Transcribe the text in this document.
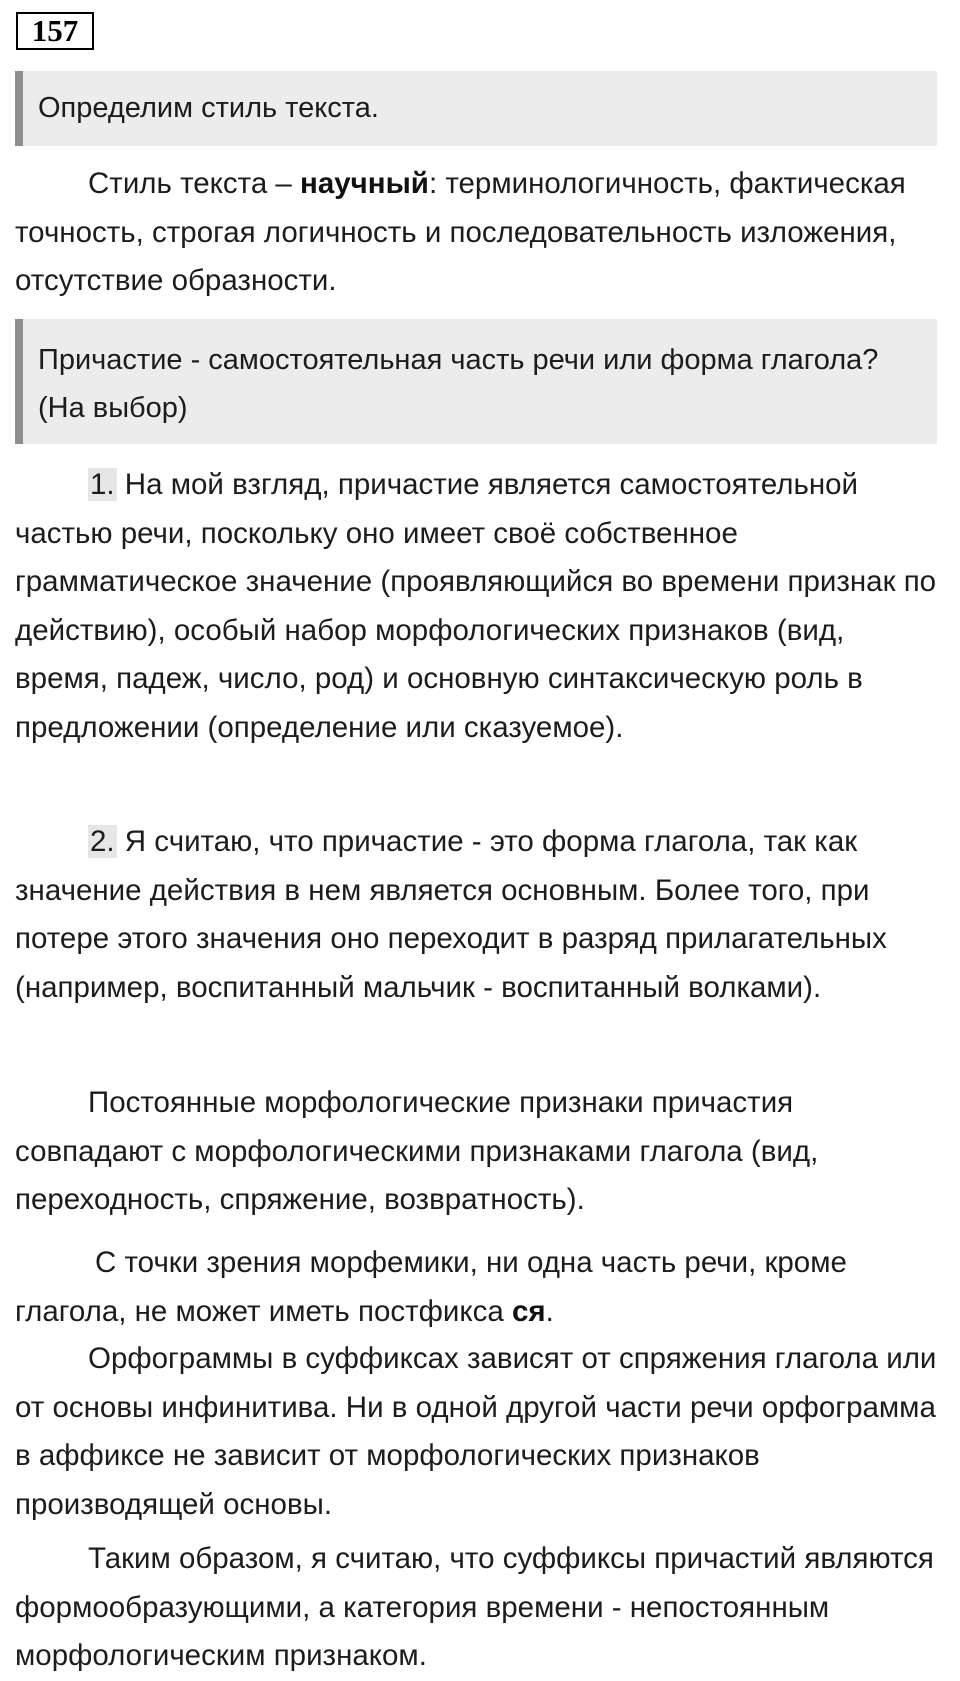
157
Определим стиль текста.

Стиль текста – научный: терминологичность, фактическая точность, строгая логичность и последовательность изложения, отсутствие образности.

Причастие - самостоятельная часть речи или форма глагола? (На выбор)

1. На мой взгляд, причастие является самостоятельной частью речи, поскольку оно имеет своё собственное грамматическое значение (проявляющийся во времени признак по действию), особый набор морфологических признаков (вид, время, падеж, число, род) и основную синтаксическую роль в предложении (определение или сказуемое).

2. Я считаю, что причастие - это форма глагола, так как значение действия в нем является основным. Более того, при потере этого значения оно переходит в разряд прилагательных (например, воспитанный мальчик - воспитанный волками).

Постоянные морфологические признаки причастия совпадают с морфологическими признаками глагола (вид, переходность, спряжение, возвратность).

С точки зрения морфемики, ни одна часть речи, кроме глагола, не может иметь постфикса ся.

Орфограммы в суффиксах зависят от спряжения глагола или от основы инфинитива. Ни в одной другой части речи орфограмма в аффиксе не зависит от морфологических признаков производящей основы.

Таким образом, я считаю, что суффиксы причастий являются формообразующими, а категория времени - непостоянным морфологическим признаком.
